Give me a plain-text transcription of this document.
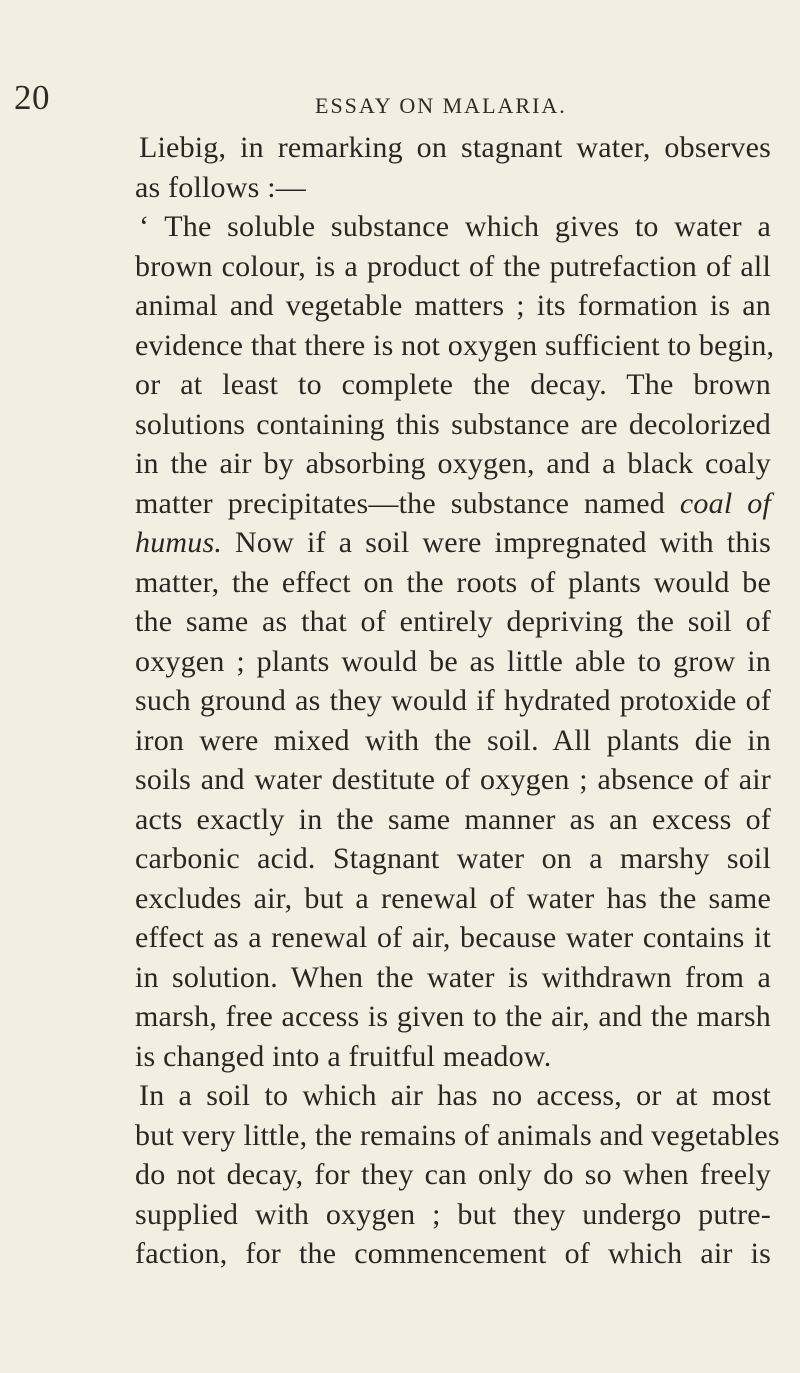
20	ESSAY ON MALARIA.
Liebig, in remarking on stagnant water, observes
as follows :—
‘ The soluble substance which gives to water a
brown colour, is a product of the putrefaction of all
animal and vegetable matters ; its formation is an
evidence that there is not oxygen sufficient to begin,
or at least to complete the decay. The brown
solutions containing this substance are decolorized
in the air by absorbing oxygen, and a black coaly
matter precipitates—the substance named coal of
humus. Now if a soil were impregnated with this
matter, the effect on the roots of plants would be
the same as that of entirely depriving the soil of
oxygen ; plants would be as little able to grow in
such ground as they would if hydrated protoxide of
iron were mixed with the soil. All plants die in
soils and water destitute of oxygen ; absence of air
acts exactly in the same manner as an excess of
carbonic acid. Stagnant water on a marshy soil
excludes air, but a renewal of water has the same
effect as a renewal of air, because water contains it
in solution. When the water is withdrawn from a
marsh, free access is given to the air, and the marsh
is changed into a fruitful meadow.
In a soil to which air has no access, or at most
but very little, the remains of animals and vegetables
do not decay, for they can only do so when freely
supplied with oxygen ; but they undergo putre-
faction, for the commencement of which air is
